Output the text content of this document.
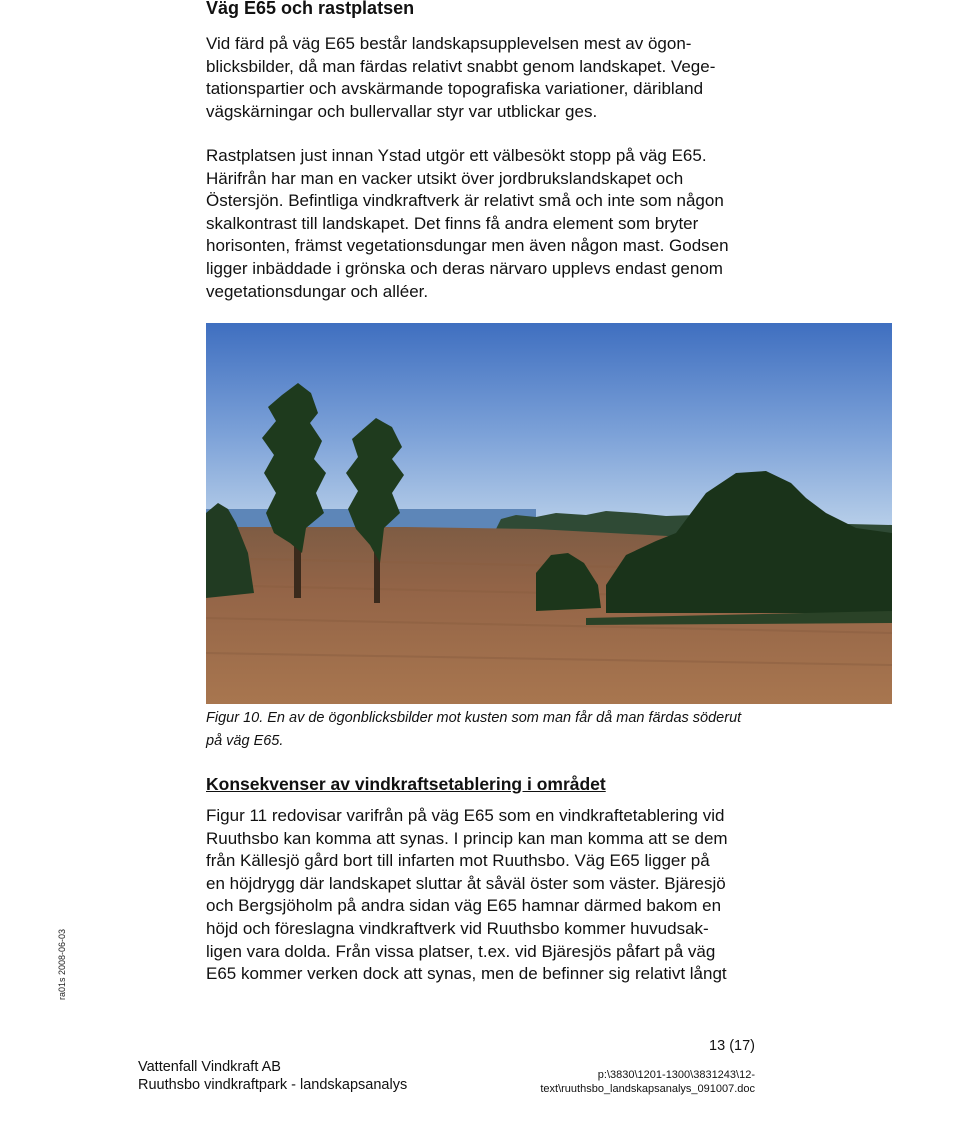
Väg E65 och rastplatsen

Vid färd på väg E65 består landskapsupplevelsen mest av ögon-
blicksbilder, då man färdas relativt snabbt genom landskapet. Vege-
tationspartier och avskärmande topografiska variationer, däribland
vägskärningar och bullervallar styr var utblickar ges.

Rastplatsen just innan Ystad utgör ett välbesökt stopp på väg E65.
Härifrån har man en vacker utsikt över jordbrukslandskapet och
Östersjön. Befintliga vindkraftverk är relativt små och inte som någon
skalkontrast till landskapet. Det finns få andra element som bryter
horisonten, främst vegetationsdungar men även någon mast. Godsen
ligger inbäddade i grönska och deras närvaro upplevs endast genom
vegetationsdungar och alléer.

Figur 10. En av de ögonblicksbilder mot kusten som man får då man färdas söderut
på väg E65.

Konsekvenser av vindkraftsetablering i området

Figur 11 redovisar varifrån på väg E65 som en vindkraftetablering vid
Ruuthsbo kan komma att synas. I princip kan man komma att se dem
från Källesjö gård bort till infarten mot Ruuthsbo. Väg E65 ligger på
en höjdrygg där landskapet sluttar åt såväl öster som väster. Bjäresjö
och Bergsjöholm på andra sidan väg E65 hamnar därmed bakom en
höjd och föreslagna vindkraftverk vid Ruuthsbo kommer huvudsak-
ligen vara dolda. Från vissa platser, t.ex. vid Bjäresjös påfart på väg
E65 kommer verken dock att synas, men de befinner sig relativt långt

ra01s 2008-06-03
13 (17)
Vattenfall Vindkraft AB
Ruuthsbo vindkraftpark - landskapsanalys
p:\3830\1201-1300\3831243\12-
text\ruuthsbo_landskapsanalys_091007.doc
